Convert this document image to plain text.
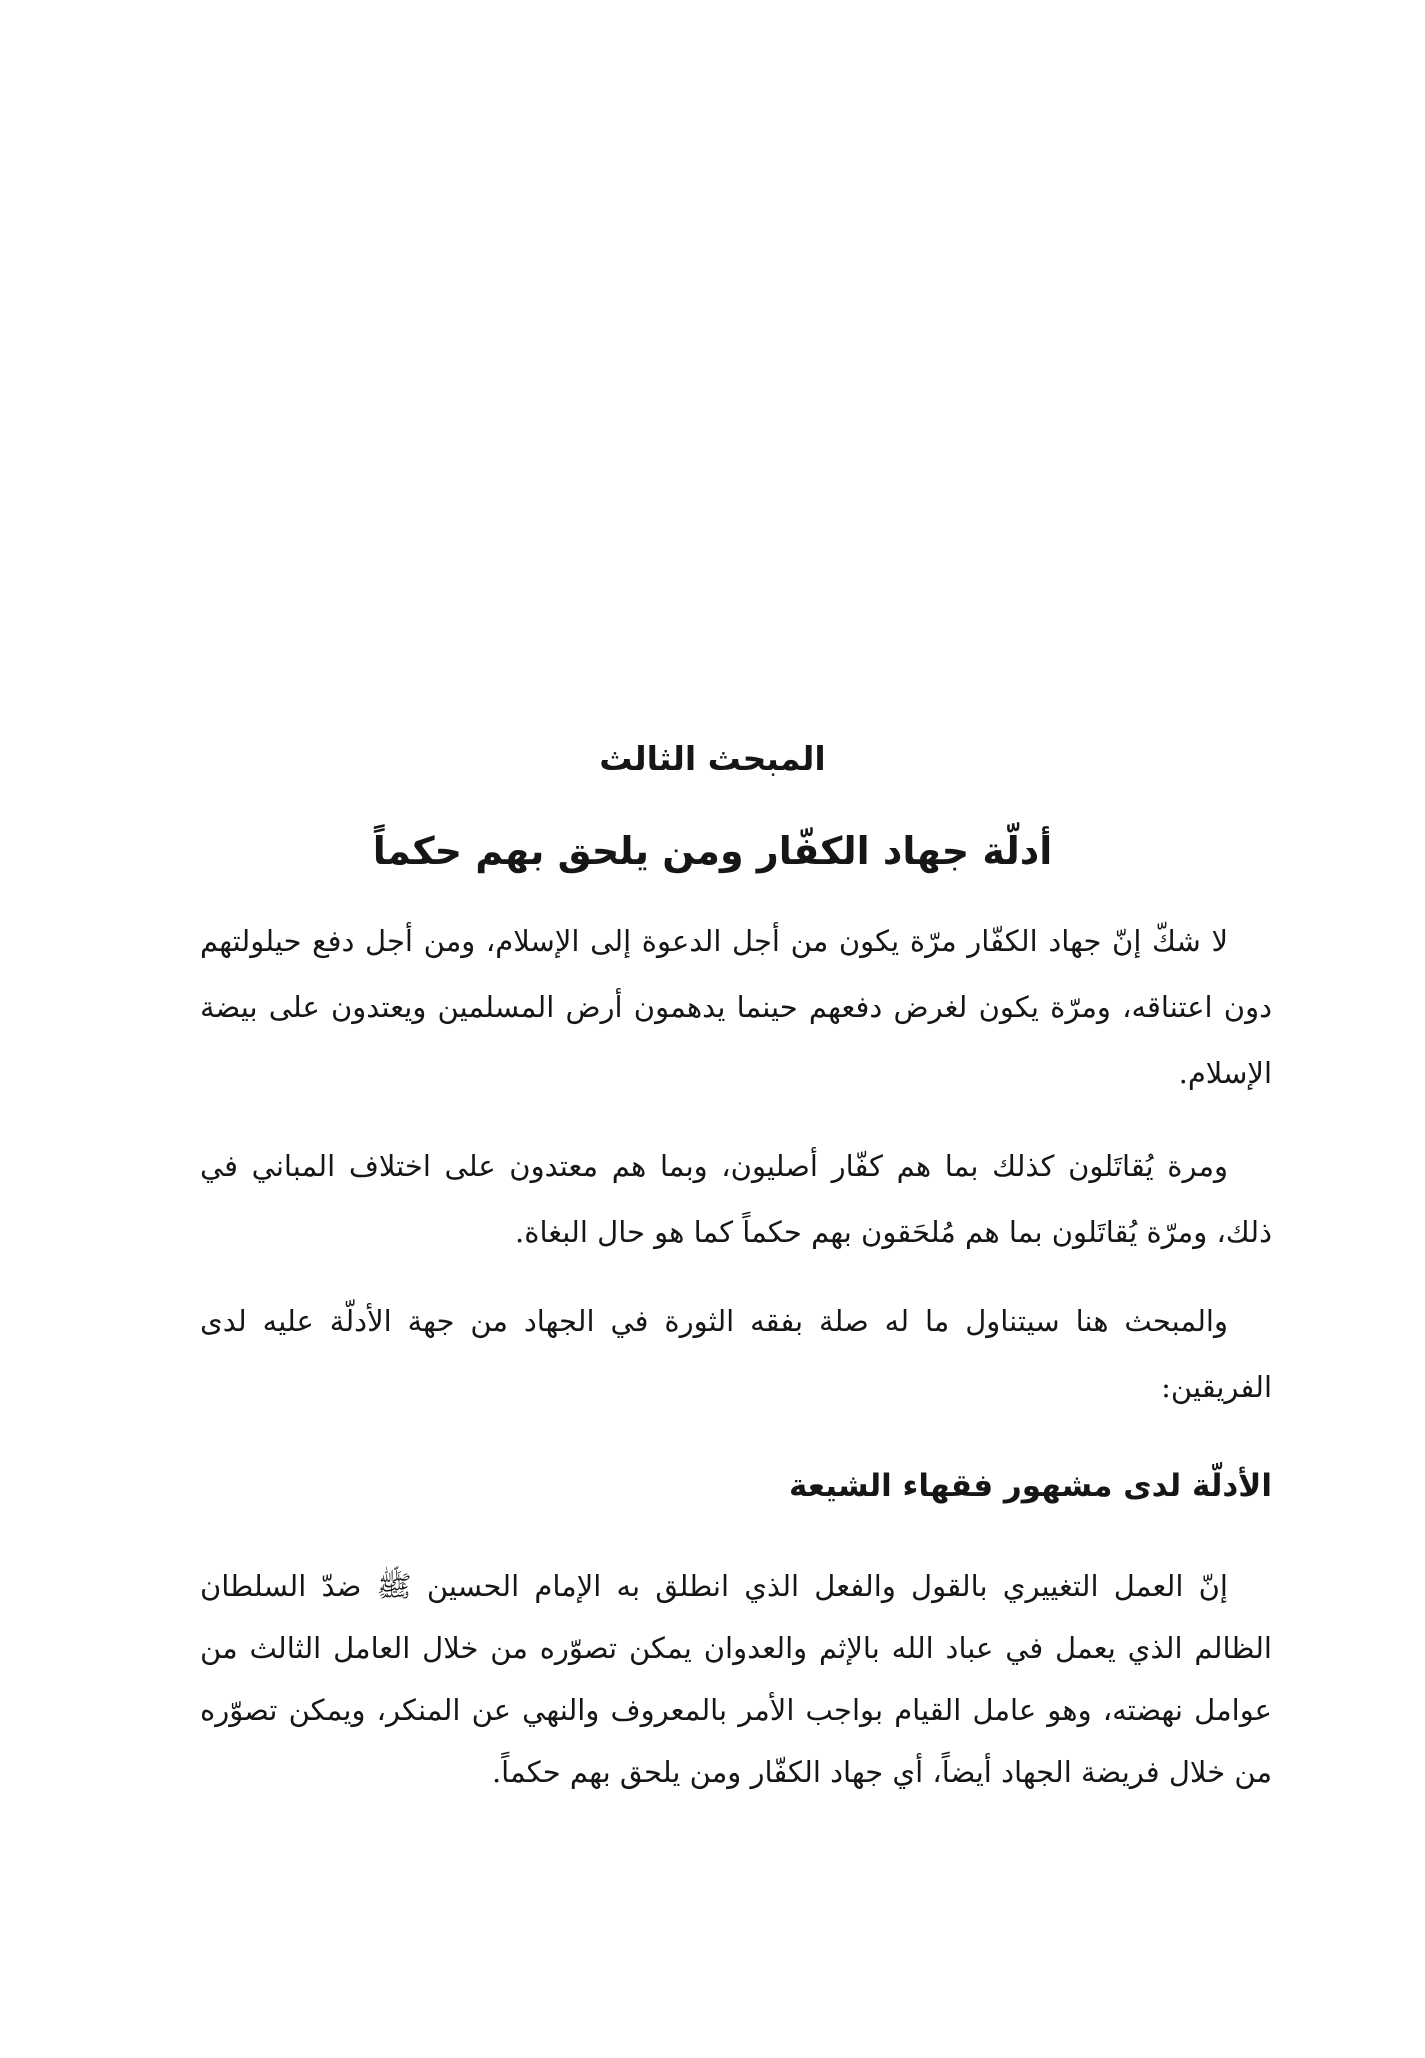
المبحث الثالث
أدلّة جهاد الكفّار ومن يلحق بهم حكماً

لا شكّ إنّ جهاد الكفّار مرّة يكون من أجل الدعوة إلى الإسلام، ومن أجل دفع حيلولتهم دون اعتناقه، ومرّة يكون لغرض دفعهم حينما يدهمون أرض المسلمين ويعتدون على بيضة الإسلام.

ومرة يُقاتَلون كذلك بما هم كفّار أصليون، وبما هم معتدون على اختلاف المباني في ذلك، ومرّة يُقاتَلون بما هم مُلحَقون بهم حكماً كما هو حال البغاة.

والمبحث هنا سيتناول ما له صلة بفقه الثورة في الجهاد من جهة الأدلّة عليه لدى الفريقين:

الأدلّة لدى مشهور فقهاء الشيعة

إنّ العمل التغييري بالقول والفعل الذي انطلق به الإمام الحسين ﷺ ضدّ السلطان الظالم الذي يعمل في عباد الله بالإثم والعدوان يمكن تصوّره من خلال العامل الثالث من عوامل نهضته، وهو عامل القيام بواجب الأمر بالمعروف والنهي عن المنكر، ويمكن تصوّره من خلال فريضة الجهاد أيضاً، أي جهاد الكفّار ومن يلحق بهم حكماً.
